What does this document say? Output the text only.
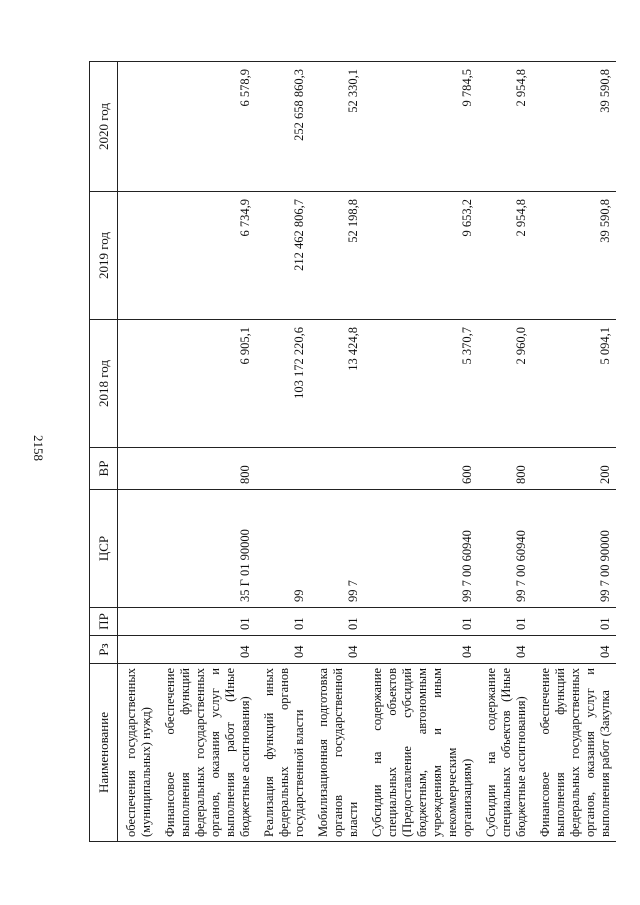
2158
Наименование	Рз	ПР	ЦСР	ВР	2018 год	2019 год	2020 год
обеспечения государственных (муниципальных) нужд)							
Финансовое обеспечение выполнения функций федеральных государственных органов, оказания услуг и выполнения работ (Иные бюджетные ассигнования)	04	01	35 Г 01 90000	800	6 905,1	6 734,9	6 578,9
Реализация функций иных федеральных органов государственной власти	04	01	99		103 172 220,6	212 462 806,7	252 658 860,3
Мобилизационная подготовка органов государственной власти	04	01	99 7		13 424,8	52 198,8	52 330,1
Субсидии на содержание специальных объектов (Предоставление субсидий бюджетным, автономным учреждениям и иным некоммерческим организациям)	04	01	99 7 00 60940	600	5 370,7	9 653,2	9 784,5
Субсидии на содержание специальных объектов (Иные бюджетные ассигнования)	04	01	99 7 00 60940	800	2 960,0	2 954,8	2 954,8
Финансовое обеспечение выполнения функций федеральных государственных органов, оказания услуг и выполнения работ (Закупка	04	01	99 7 00 90000	200	5 094,1	39 590,8	39 590,8
